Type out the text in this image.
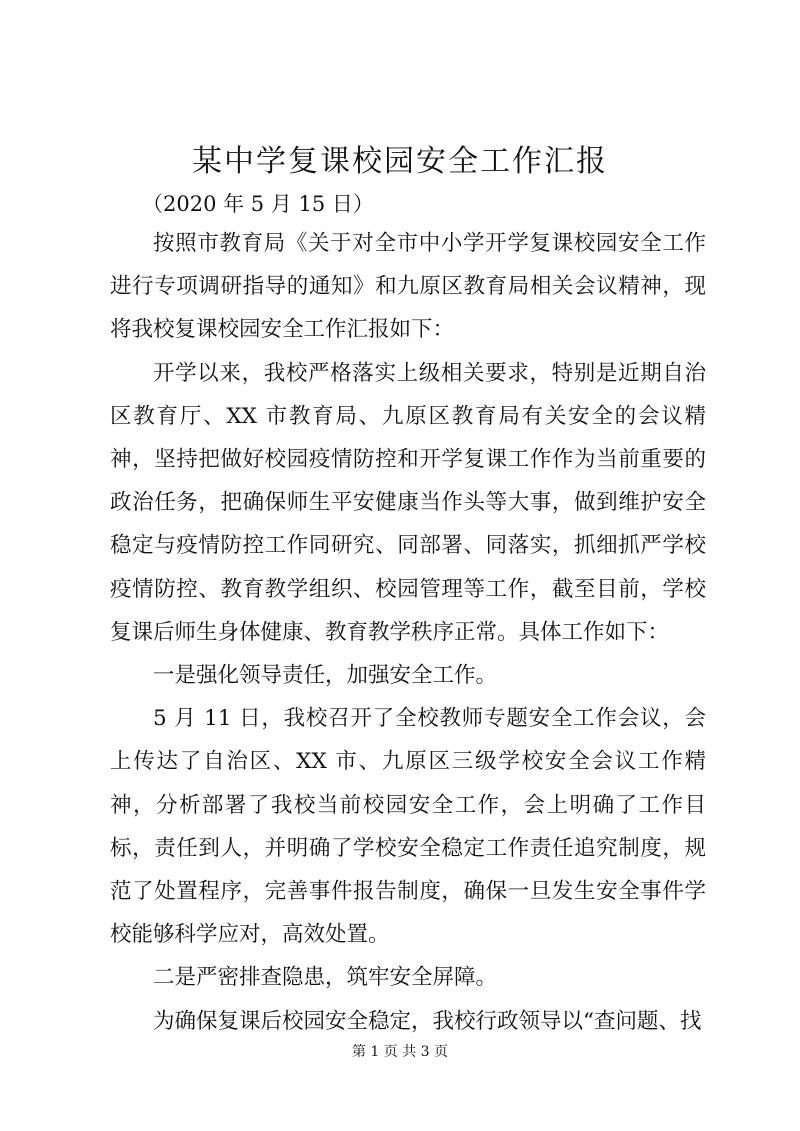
某中学复课校园安全工作汇报
（2020 年 5 月 15 日）

按照市教育局《关于对全市中小学开学复课校园安全工作进行专项调研指导的通知》和九原区教育局相关会议精神，现将我校复课校园安全工作汇报如下：

开学以来，我校严格落实上级相关要求，特别是近期自治区教育厅、XX 市教育局、九原区教育局有关安全的会议精神，坚持把做好校园疫情防控和开学复课工作作为当前重要的政治任务，把确保师生平安健康当作头等大事，做到维护安全稳定与疫情防控工作同研究、同部署、同落实，抓细抓严学校疫情防控、教育教学组织、校园管理等工作，截至目前，学校复课后师生身体健康、教育教学秩序正常。具体工作如下：

一是强化领导责任，加强安全工作。

5 月 11 日，我校召开了全校教师专题安全工作会议，会上传达了自治区、XX 市、九原区三级学校安全会议工作精神，分析部署了我校当前校园安全工作，会上明确了工作目标，责任到人，并明确了学校安全稳定工作责任追究制度，规范了处置程序，完善事件报告制度，确保一旦发生安全事件学校能够科学应对，高效处置。

二是严密排查隐患，筑牢安全屏障。

为确保复课后校园安全稳定，我校行政领导以“查问题、找

第 1 页 共 3 页
